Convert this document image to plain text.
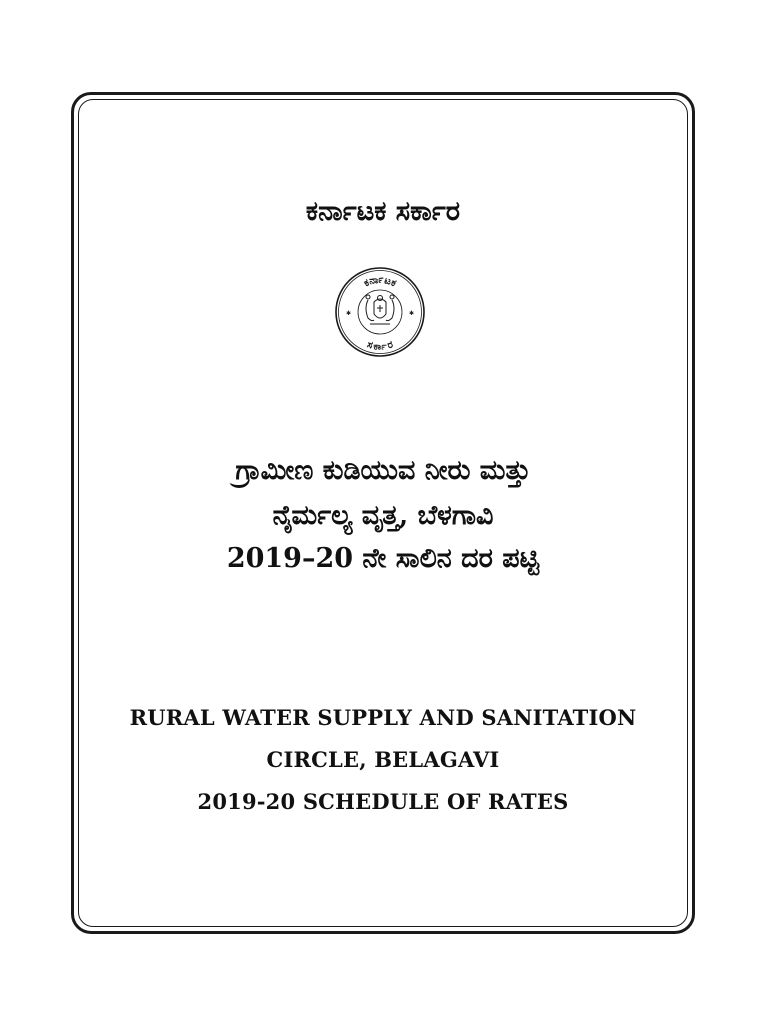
ಕರ್ನಾಟಕ ಸರ್ಕಾರ
ಕರ್ನಾಟಕ
ಸರ್ಕಾರ
✱	✱
ಗ್ರಾಮೀಣ ಕುಡಿಯುವ ನೀರು ಮತ್ತು
ನೈರ್ಮಲ್ಯ ವೃತ್ತ, ಬೆಳಗಾವಿ
2019–20 ನೇ ಸಾಲಿನ ದರ ಪಟ್ಟಿ
RURAL WATER SUPPLY AND SANITATION
CIRCLE, BELAGAVI
2019-20 SCHEDULE OF RATES
